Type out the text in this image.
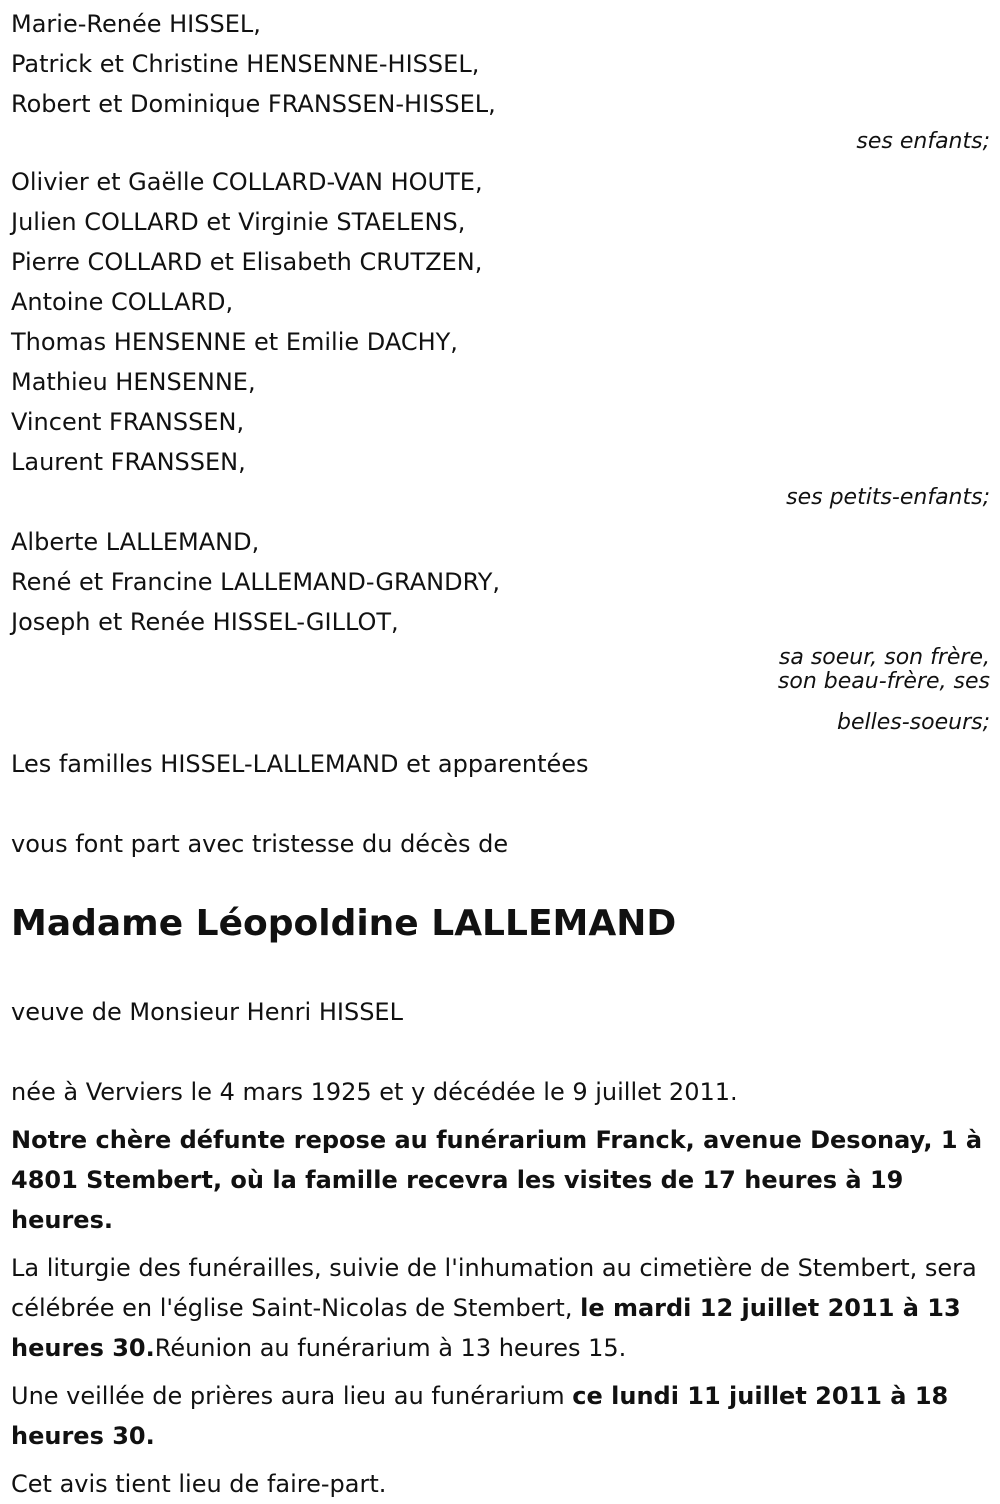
Marie-Renée HISSEL,
Patrick et Christine HENSENNE-HISSEL,
Robert et Dominique FRANSSEN-HISSEL,
ses enfants;
Olivier et Gaëlle COLLARD-VAN HOUTE,
Julien COLLARD et Virginie STAELENS,
Pierre COLLARD et Elisabeth CRUTZEN,
Antoine COLLARD,
Thomas HENSENNE et Emilie DACHY,
Mathieu HENSENNE,
Vincent FRANSSEN,
Laurent FRANSSEN,
ses petits-enfants;
Alberte LALLEMAND,
René et Francine LALLEMAND-GRANDRY,
Joseph et Renée HISSEL-GILLOT,
sa soeur, son frère,
son beau-frère, ses
belles-soeurs;
Les familles HISSEL-LALLEMAND et apparentées
vous font part avec tristesse du décès de
Madame Léopoldine LALLEMAND
veuve de Monsieur Henri HISSEL
née à Verviers le 4 mars 1925 et y décédée le 9 juillet 2011.

Notre chère défunte repose au funérarium Franck, avenue Desonay, 1 à 4801 Stembert, où la famille recevra les visites de 17 heures à 19 heures.

La liturgie des funérailles, suivie de l'inhumation au cimetière de Stembert, sera célébrée en l'église Saint-Nicolas de Stembert, le mardi 12 juillet 2011 à 13 heures 30.Réunion au funérarium à 13 heures 15.

Une veillée de prières aura lieu au funérarium ce lundi 11 juillet 2011 à 18 heures 30.

Cet avis tient lieu de faire-part.
